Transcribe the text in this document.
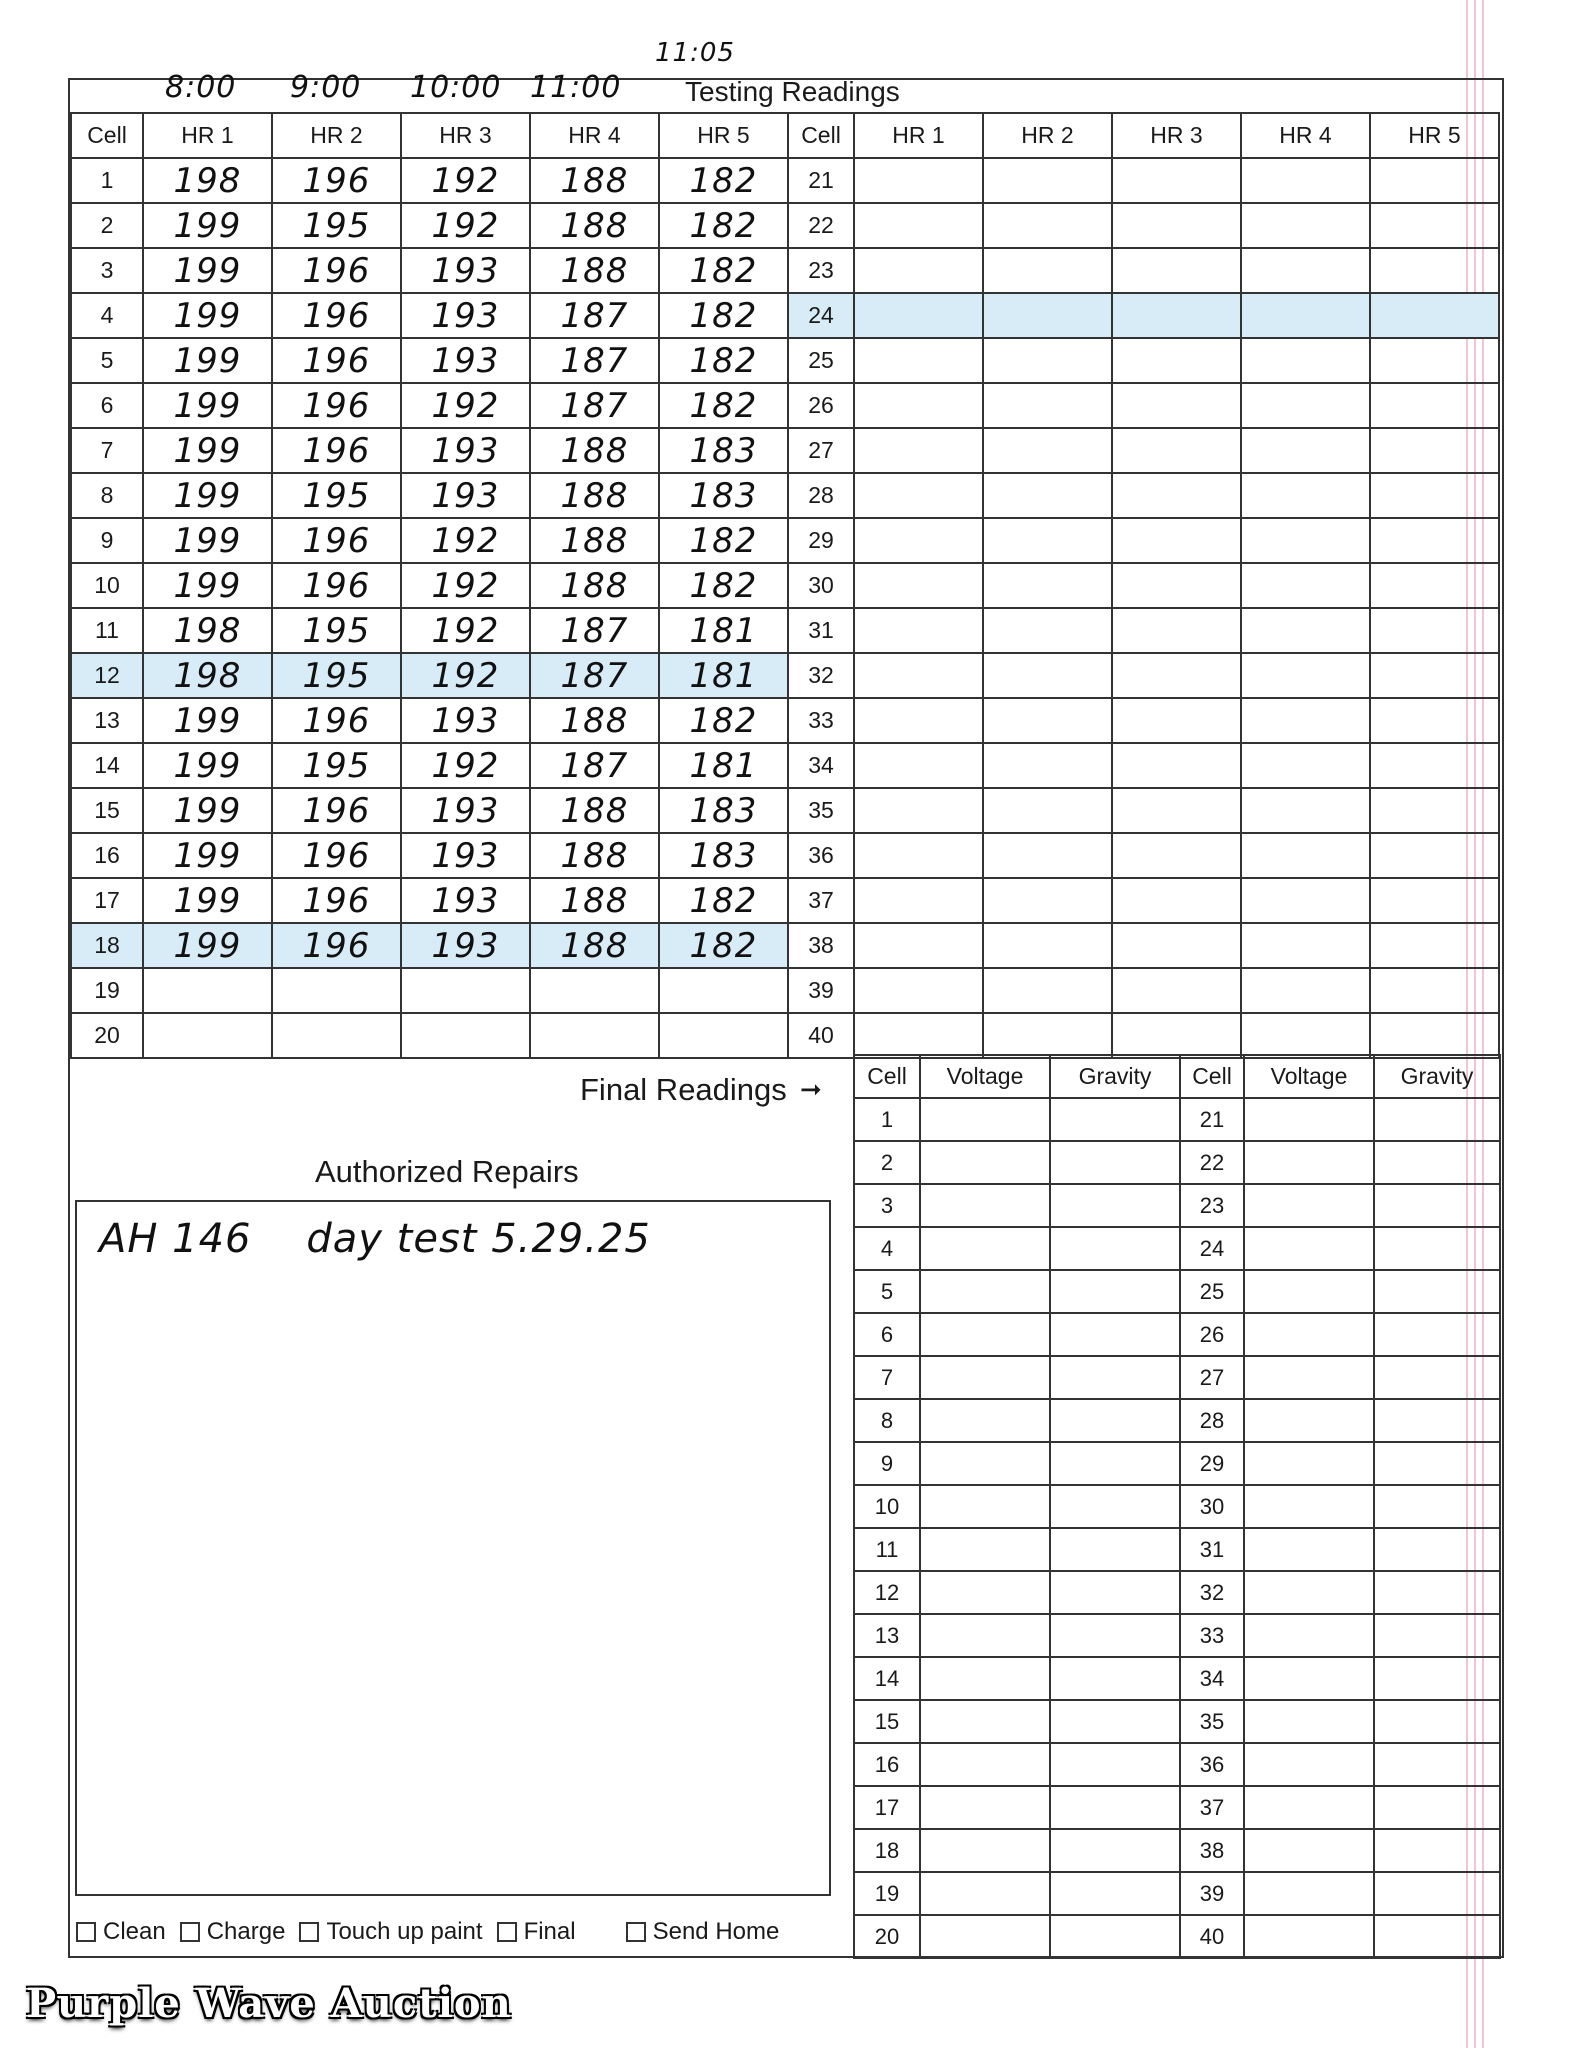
8:00 9:00 10:00 11:00
11:05
Testing Readings
Cell	HR 1	HR 2	HR 3	HR 4	HR 5	Cell	HR 1	HR 2	HR 3	HR 4	HR 5
1	198	196	192	188	182	21					
2	199	195	192	188	182	22					
3	199	196	193	188	182	23					
4	199	196	193	187	182	24					
5	199	196	193	187	182	25					
6	199	196	192	187	182	26					
7	199	196	193	188	183	27					
8	199	195	193	188	183	28					
9	199	196	192	188	182	29					
10	199	196	192	188	182	30					
11	198	195	192	187	181	31					
12	198	195	192	187	181	32					
13	199	196	193	188	182	33					
14	199	195	192	187	181	34					
15	199	196	193	188	183	35					
16	199	196	193	188	183	36					
17	199	196	193	188	182	37					
18	199	196	193	188	182	38					
19						39					
20						40					
Final Readings ➞ Cell	Voltage	Gravity	Cell	Voltage	Gravity
1			21		
2			22		
3			23		
4			24		
5			25		
6			26		
7			27		
8			28		
9			29		
10			30		
11			31		
12			32		
13			33		
14			34		
15			35		
16			36		
17			37		
18			38		
19			39		
20			40		
Authorized Repairs
AH 146 day test 5.29.25
Clean Charge Touch up paint Final	Send Home
Purple Wave Auction
